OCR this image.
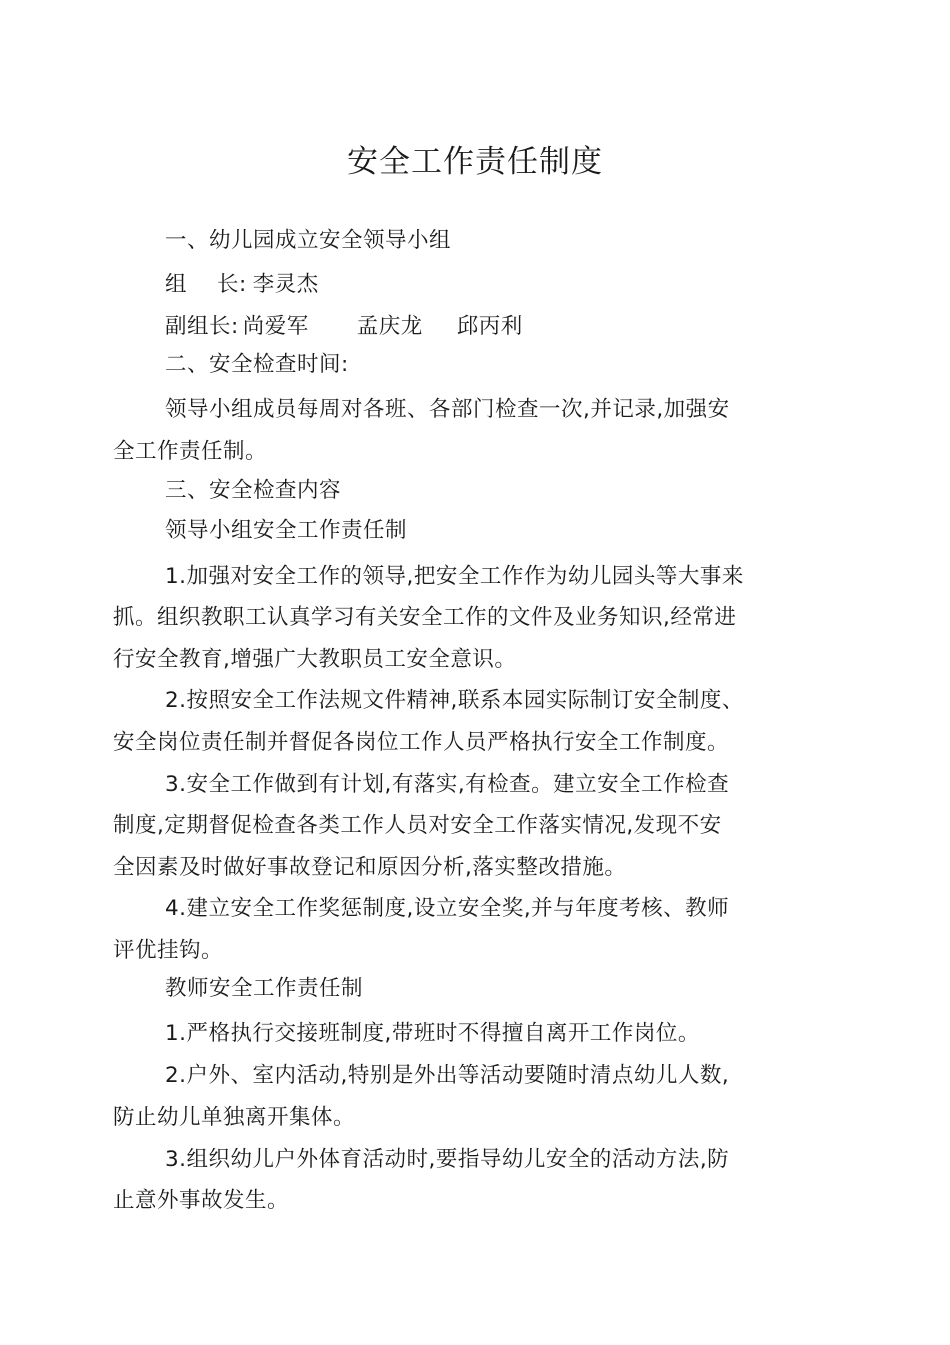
安全工作责任制度
一、幼儿园成立安全领导小组
组 长: 李灵杰
副组长: 尚爱军 孟庆龙 邱丙利
二、安全检查时间:
领导小组成员每周对各班、各部门检查一次,并记录,加强安
全工作责任制。
三、安全检查内容
领导小组安全工作责任制
1.加强对安全工作的领导,把安全工作作为幼儿园头等大事来
抓。组织教职工认真学习有关安全工作的文件及业务知识,经常进
行安全教育,增强广大教职员工安全意识。
2.按照安全工作法规文件精神,联系本园实际制订安全制度、
安全岗位责任制并督促各岗位工作人员严格执行安全工作制度。
3.安全工作做到有计划,有落实,有检查。建立安全工作检查
制度,定期督促检查各类工作人员对安全工作落实情况,发现不安
全因素及时做好事故登记和原因分析,落实整改措施。
4.建立安全工作奖惩制度,设立安全奖,并与年度考核、教师
评优挂钩。
教师安全工作责任制
1.严格执行交接班制度,带班时不得擅自离开工作岗位。
2.户外、室内活动,特别是外出等活动要随时清点幼儿人数,
防止幼儿单独离开集体。
3.组织幼儿户外体育活动时,要指导幼儿安全的活动方法,防
止意外事故发生。
